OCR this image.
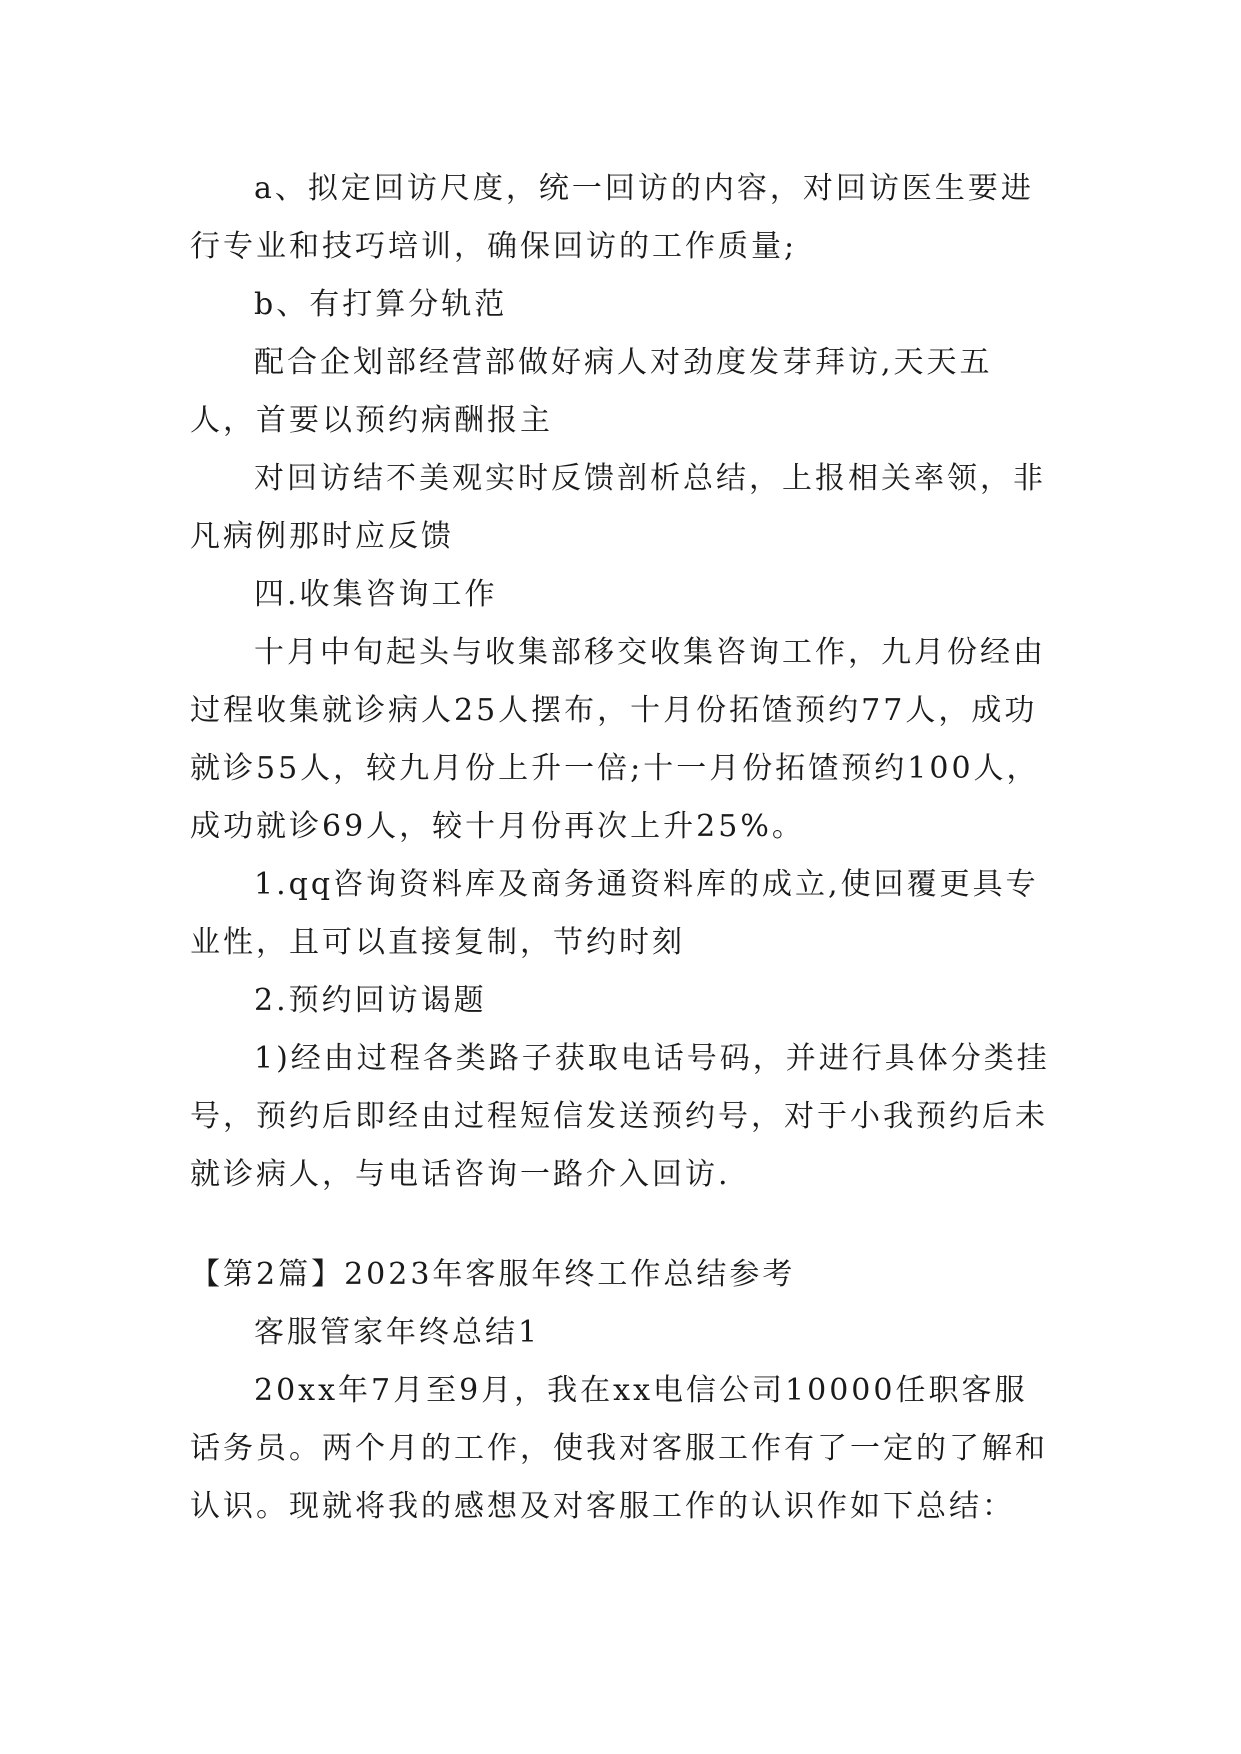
a、拟定回访尺度，统一回访的内容，对回访医生要进行专业和技巧培训，确保回访的工作质量;

b、有打算分轨范

配合企划部经营部做好病人对劲度发芽拜访,天天五人，首要以预约病酬报主

对回访结不美观实时反馈剖析总结，上报相关率领，非凡病例那时应反馈

四.收集咨询工作

十月中旬起头与收集部移交收集咨询工作，九月份经由过程收集就诊病人25人摆布，十月份拓馇预约77人，成功就诊55人，较九月份上升一倍;十一月份拓馇预约100人，成功就诊69人，较十月份再次上升25%。

1.qq咨询资料库及商务通资料库的成立,使回覆更具专业性，且可以直接复制，节约时刻

2.预约回访谒题

1)经由过程各类路子获取电话号码，并进行具体分类挂号，预约后即经由过程短信发送预约号，对于小我预约后未就诊病人，与电话咨询一路介入回访.

【第2篇】2023年客服年终工作总结参考

客服管家年终总结1

20xx年7月至9月，我在xx电信公司10000任职客服话务员。两个月的工作，使我对客服工作有了一定的了解和认识。现就将我的感想及对客服工作的认识作如下总结：
